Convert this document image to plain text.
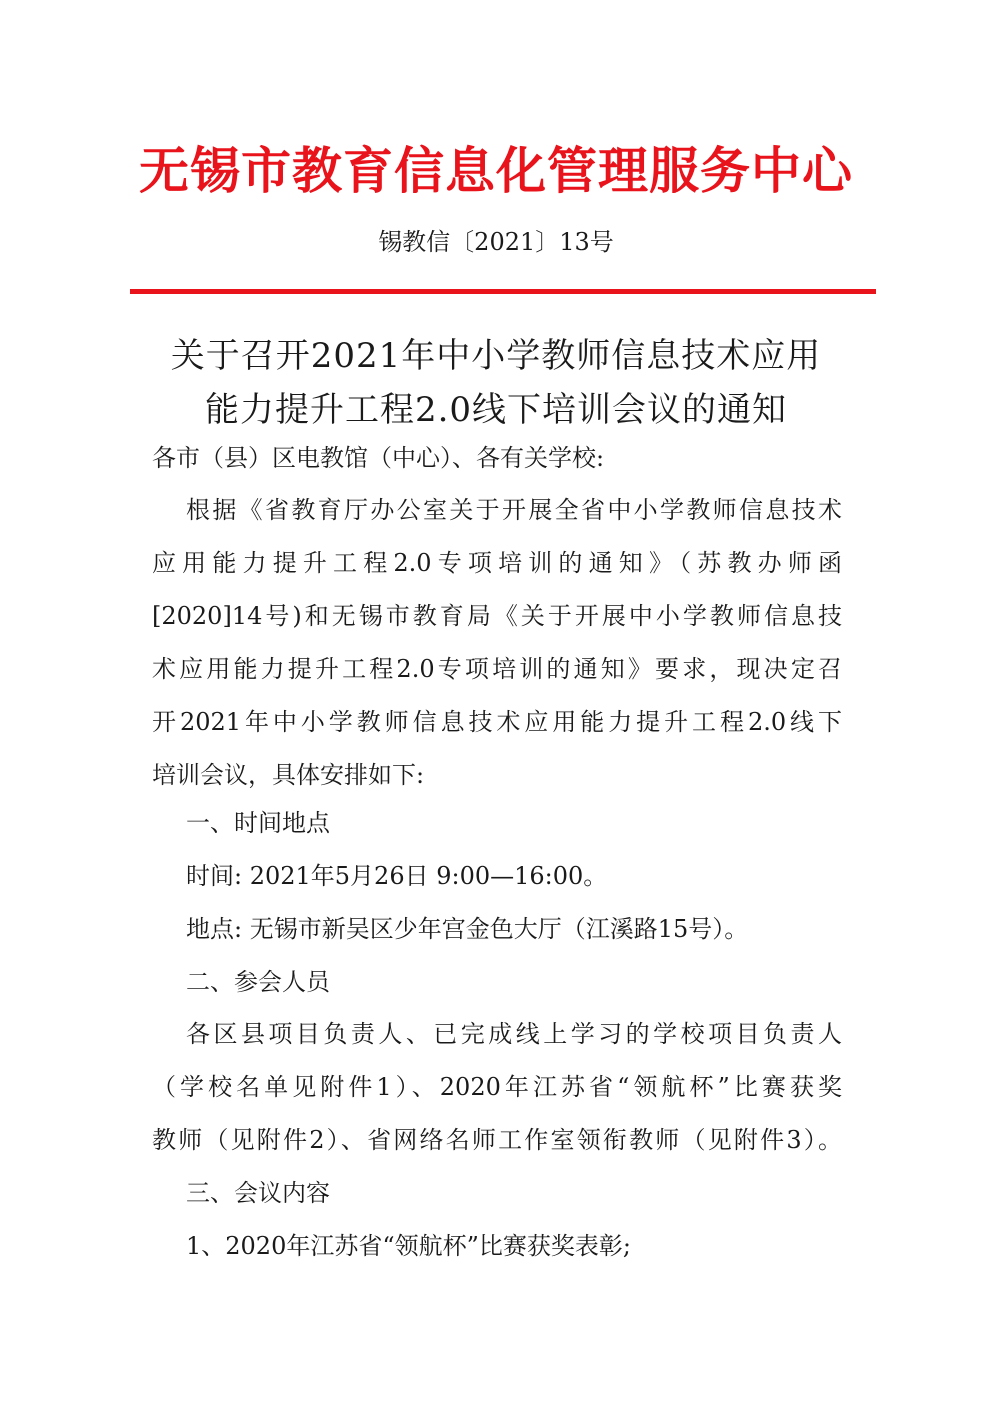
无锡市教育信息化管理服务中心
锡教信〔2021〕13号
关于召开2021年中小学教师信息技术应用
能力提升工程2.0线下培训会议的通知
各市（县）区电教馆（中心）、各有关学校:
根据《省教育厅办公室关于开展全省中小学教师信息技术
应用能力提升工程2.0专项培训的通知》（苏教办师函
[2020]14号)和无锡市教育局《关于开展中小学教师信息技
术应用能力提升工程2.0专项培训的通知》要求，现决定召
开2021年中小学教师信息技术应用能力提升工程2.0线下
培训会议，具体安排如下:
一、时间地点
时间: 2021年5月26日 9:00—16:00。
地点: 无锡市新吴区少年宫金色大厅（江溪路15号）。
二、参会人员
各区县项目负责人、已完成线上学习的学校项目负责人
（学校名单见附件1）、2020年江苏省“领航杯”比赛获奖
教师（见附件2）、省网络名师工作室领衔教师（见附件3）。
三、会议内容
1、2020年江苏省“领航杯”比赛获奖表彰;
